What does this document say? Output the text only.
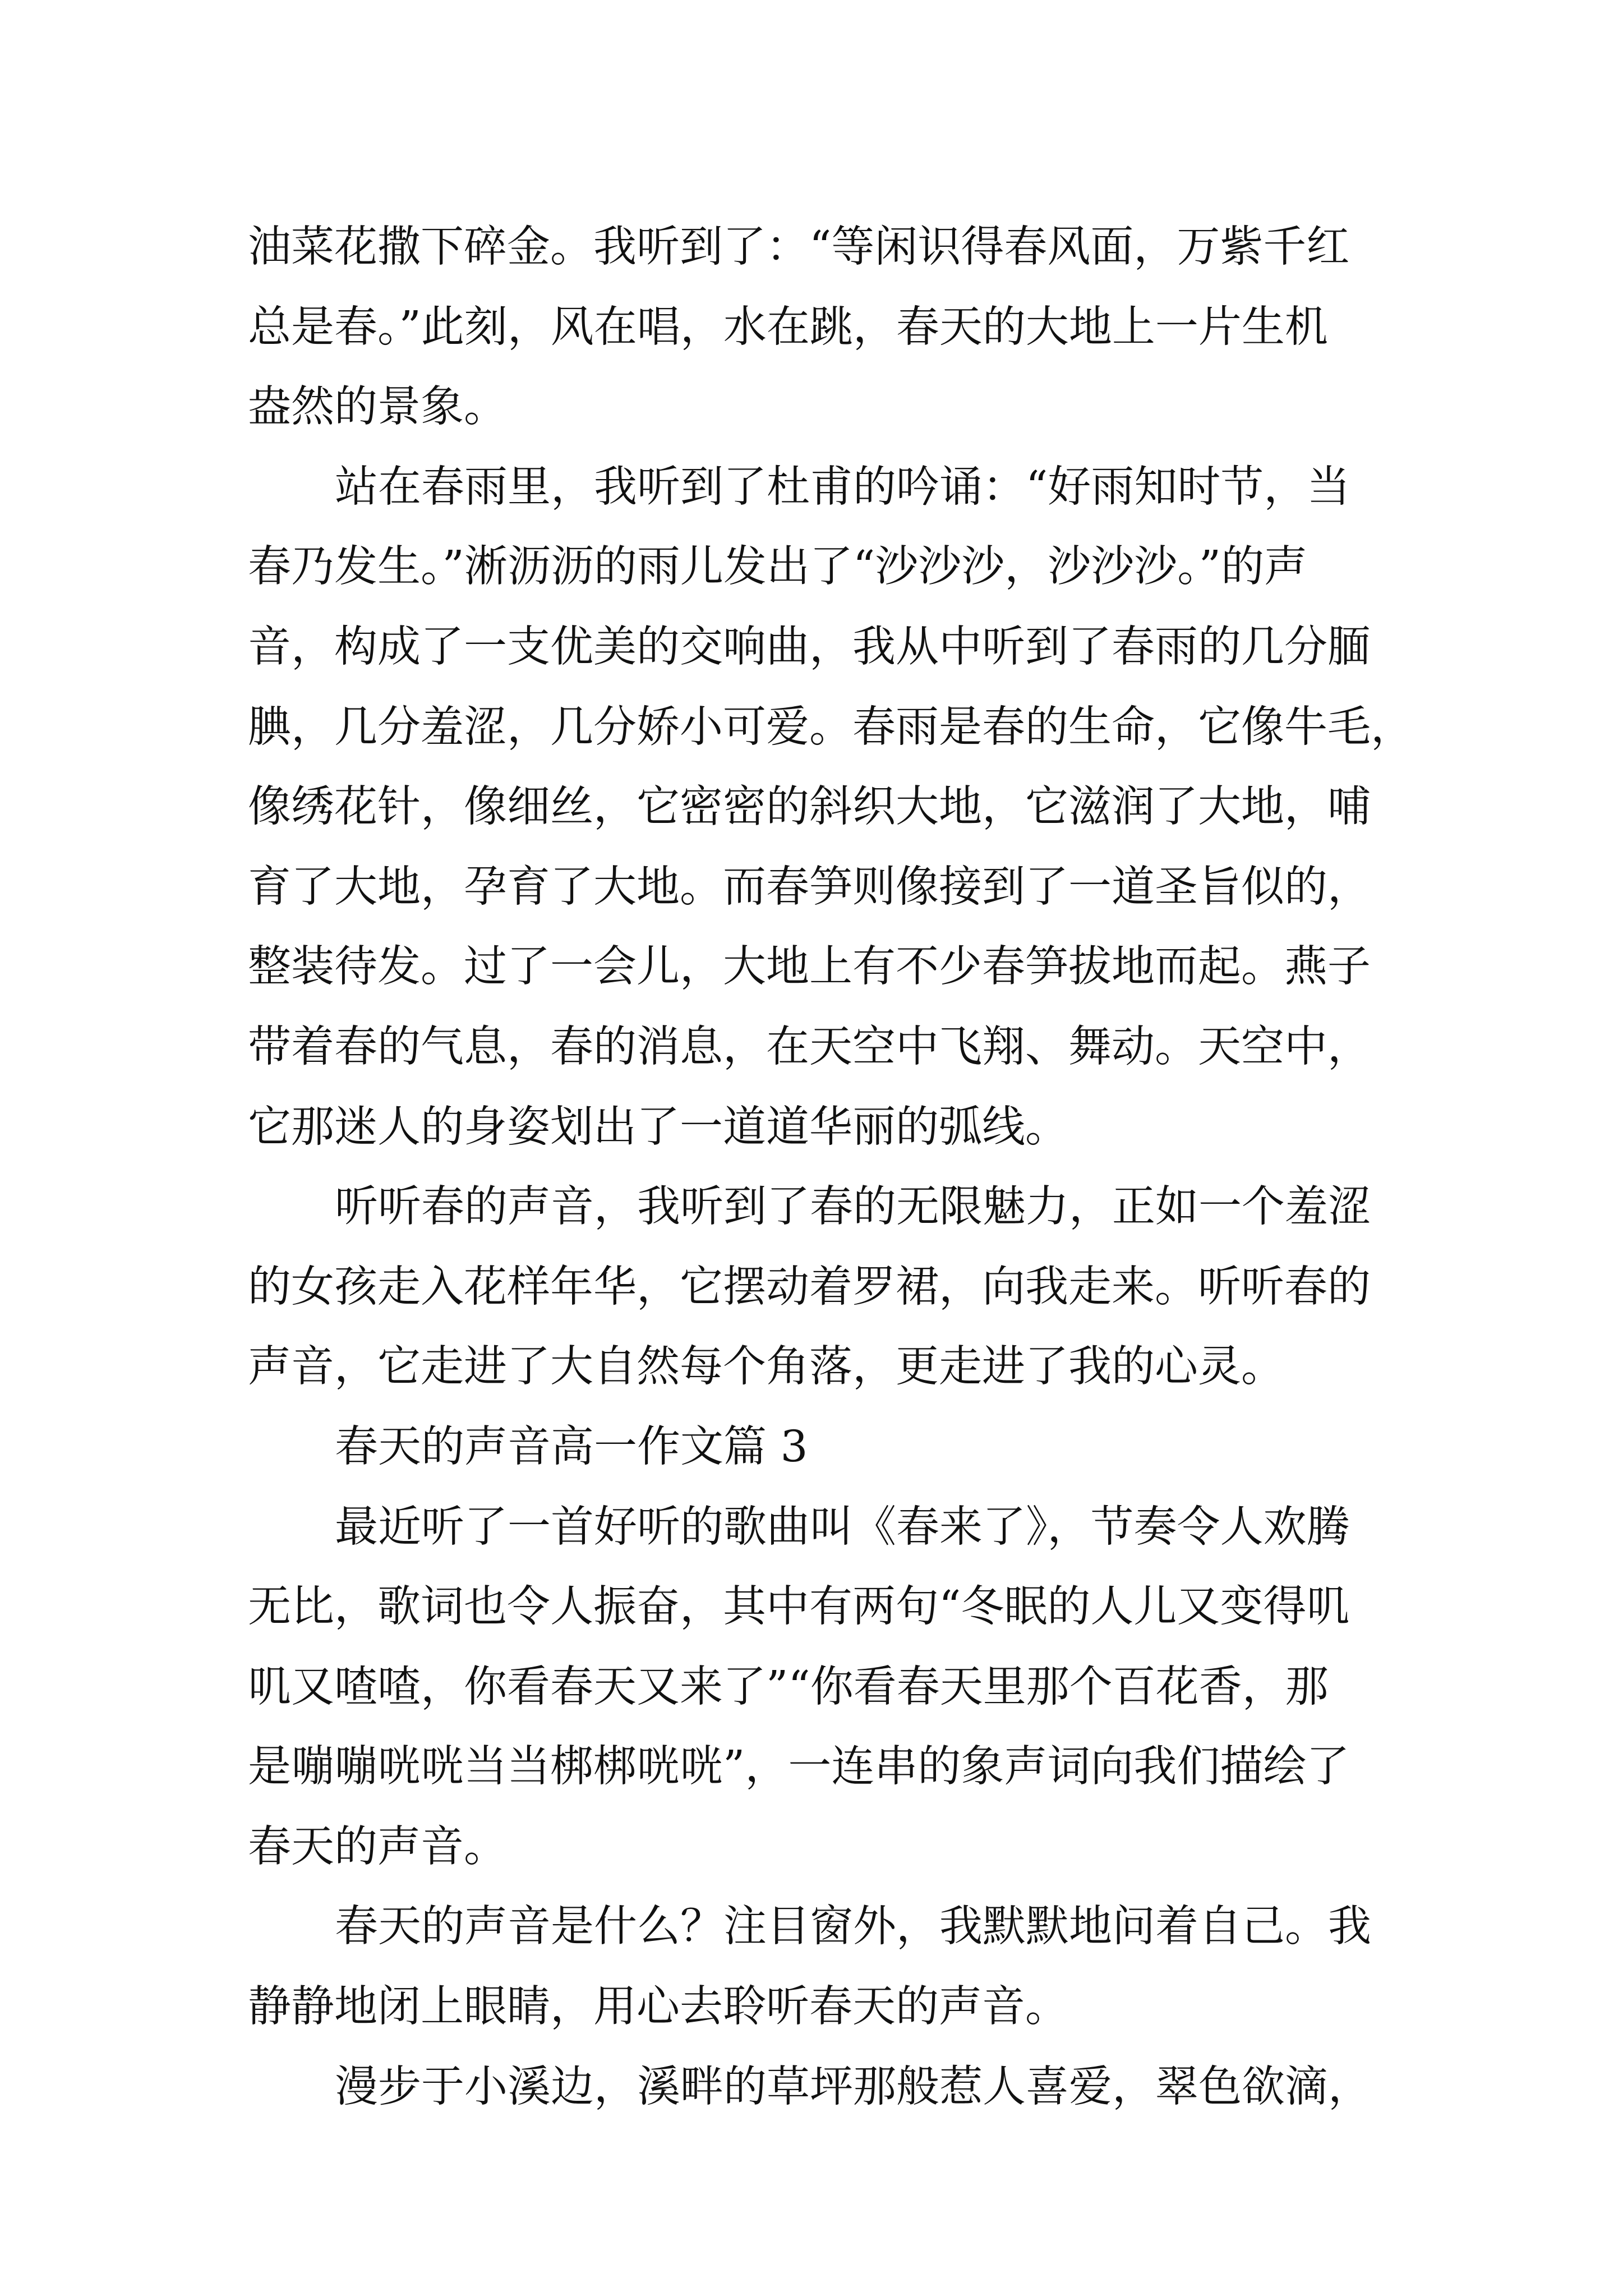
油菜花撒下碎金。我听到了：“等闲识得春风面，万紫千红
总是春。”此刻，风在唱，水在跳，春天的大地上一片生机
盎然的景象。
站在春雨里，我听到了杜甫的吟诵：“好雨知时节，当
春乃发生。”淅沥沥的雨儿发出了“沙沙沙，沙沙沙。”的声
音，构成了一支优美的交响曲，我从中听到了春雨的几分腼
腆，几分羞涩，几分娇小可爱。春雨是春的生命，它像牛毛，
像绣花针，像细丝，它密密的斜织大地，它滋润了大地，哺
育了大地，孕育了大地。而春笋则像接到了一道圣旨似的，
整装待发。过了一会儿，大地上有不少春笋拔地而起。燕子
带着春的气息，春的消息，在天空中飞翔、舞动。天空中，
它那迷人的身姿划出了一道道华丽的弧线。
听听春的声音，我听到了春的无限魅力，正如一个羞涩
的女孩走入花样年华，它摆动着罗裙，向我走来。听听春的
声音，它走进了大自然每个角落，更走进了我的心灵。
春天的声音高一作文篇 3
最近听了一首好听的歌曲叫《春来了》，节奏令人欢腾
无比，歌词也令人振奋，其中有两句“冬眠的人儿又变得叽
叽又喳喳，你看春天又来了”“你看春天里那个百花香，那
是嘣嘣咣咣当当梆梆咣咣”，一连串的象声词向我们描绘了
春天的声音。
春天的声音是什么？注目窗外，我默默地问着自己。我
静静地闭上眼睛，用心去聆听春天的声音。
漫步于小溪边，溪畔的草坪那般惹人喜爱，翠色欲滴，
